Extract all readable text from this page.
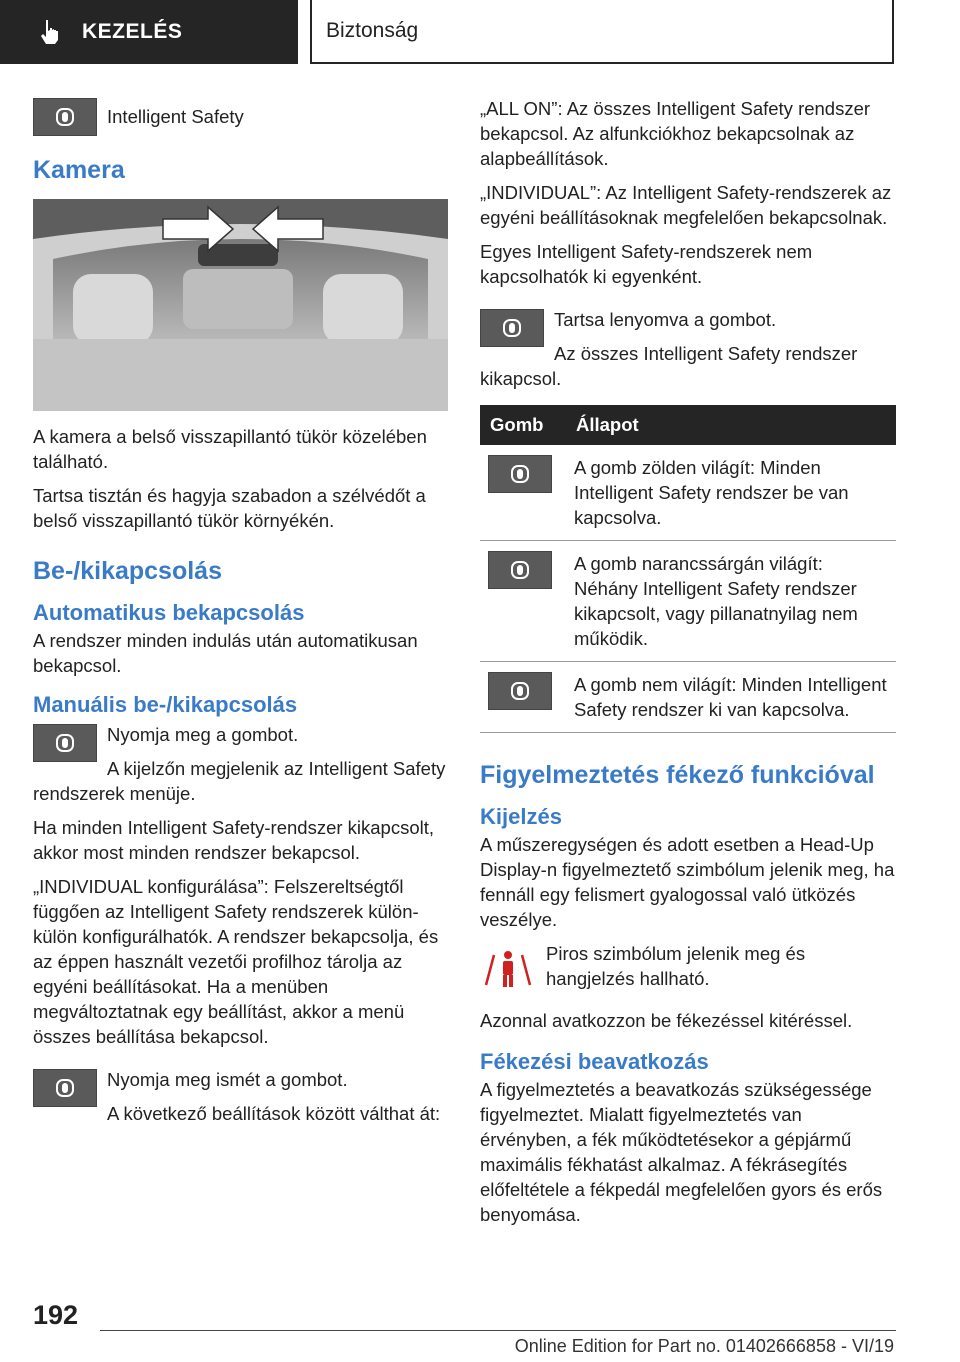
KEZELÉS	Biztonság

Intelligent Safety

Kamera

A kamera a belső visszapillantó tükör közelében található.

Tartsa tisztán és hagyja szabadon a szélvédőt a belső visszapillantó tükör környékén.

Be-/kikapcsolás
Automatikus bekapcsolás

A rendszer minden indulás után automatikusan bekapcsol.

Manuális be-/kikapcsolás

Nyomja meg a gombot.

A kijelzőn megjelenik az Intelligent Safety rendszerek menüje.

Ha minden Intelligent Safety-rendszer kikapcsolt, akkor most minden rendszer bekapcsol.

„INDIVIDUAL konfigurálása”: Felszereltségtől függően az Intelligent Safety rendszerek külön-külön konfigurálhatók. A rendszer bekapcsolja, és az éppen használt vezetői profilhoz tárolja az egyéni beállításokat. Ha a menüben megváltoztatnak egy beállítást, akkor a menü összes beállítása bekapcsol.

Nyomja meg ismét a gombot.

A következő beállítások között válthat át:

„ALL ON”: Az összes Intelligent Safety rendszer bekapcsol. Az alfunkciókhoz bekapcsolnak az alapbeállítások.

„INDIVIDUAL”: Az Intelligent Safety-rendszerek az egyéni beállításoknak megfelelően bekapcsolnak.

Egyes Intelligent Safety-rendszerek nem kapcsolhatók ki egyenként.

Tartsa lenyomva a gombot.

Az összes Intelligent Safety rendszer kikapcsol.

Gomb	Állapot

	A gomb zölden világít: Minden Intelligent Safety rendszer be van kapcsolva.

	A gomb narancssárgán világít: Néhány Intelligent Safety rendszer kikapcsolt, vagy pillanatnyilag nem működik.

	A gomb nem világít: Minden Intelligent Safety rendszer ki van kapcsolva.
Figyelmeztetés fékező funkcióval
Kijelzés

A műszeregységen és adott esetben a Head-Up Display-n figyelmeztető szimbólum jelenik meg, ha fennáll egy felismert gyalogossal való ütközés veszélye.

Piros szimbólum jelenik meg és hangjelzés hallható.

Azonnal avatkozzon be fékezéssel kitéréssel.

Fékezési beavatkozás

A figyelmeztetés a beavatkozás szükségessége figyelmeztet. Mialatt figyelmeztetés van érvényben, a fék működtetésekor a gépjármű maximális fékhatást alkalmaz. A fékrásegítés előfeltétele a fékpedál megfelelően gyors és erős benyomása.

192
Online Edition for Part no. 01402666858 - VI/19
